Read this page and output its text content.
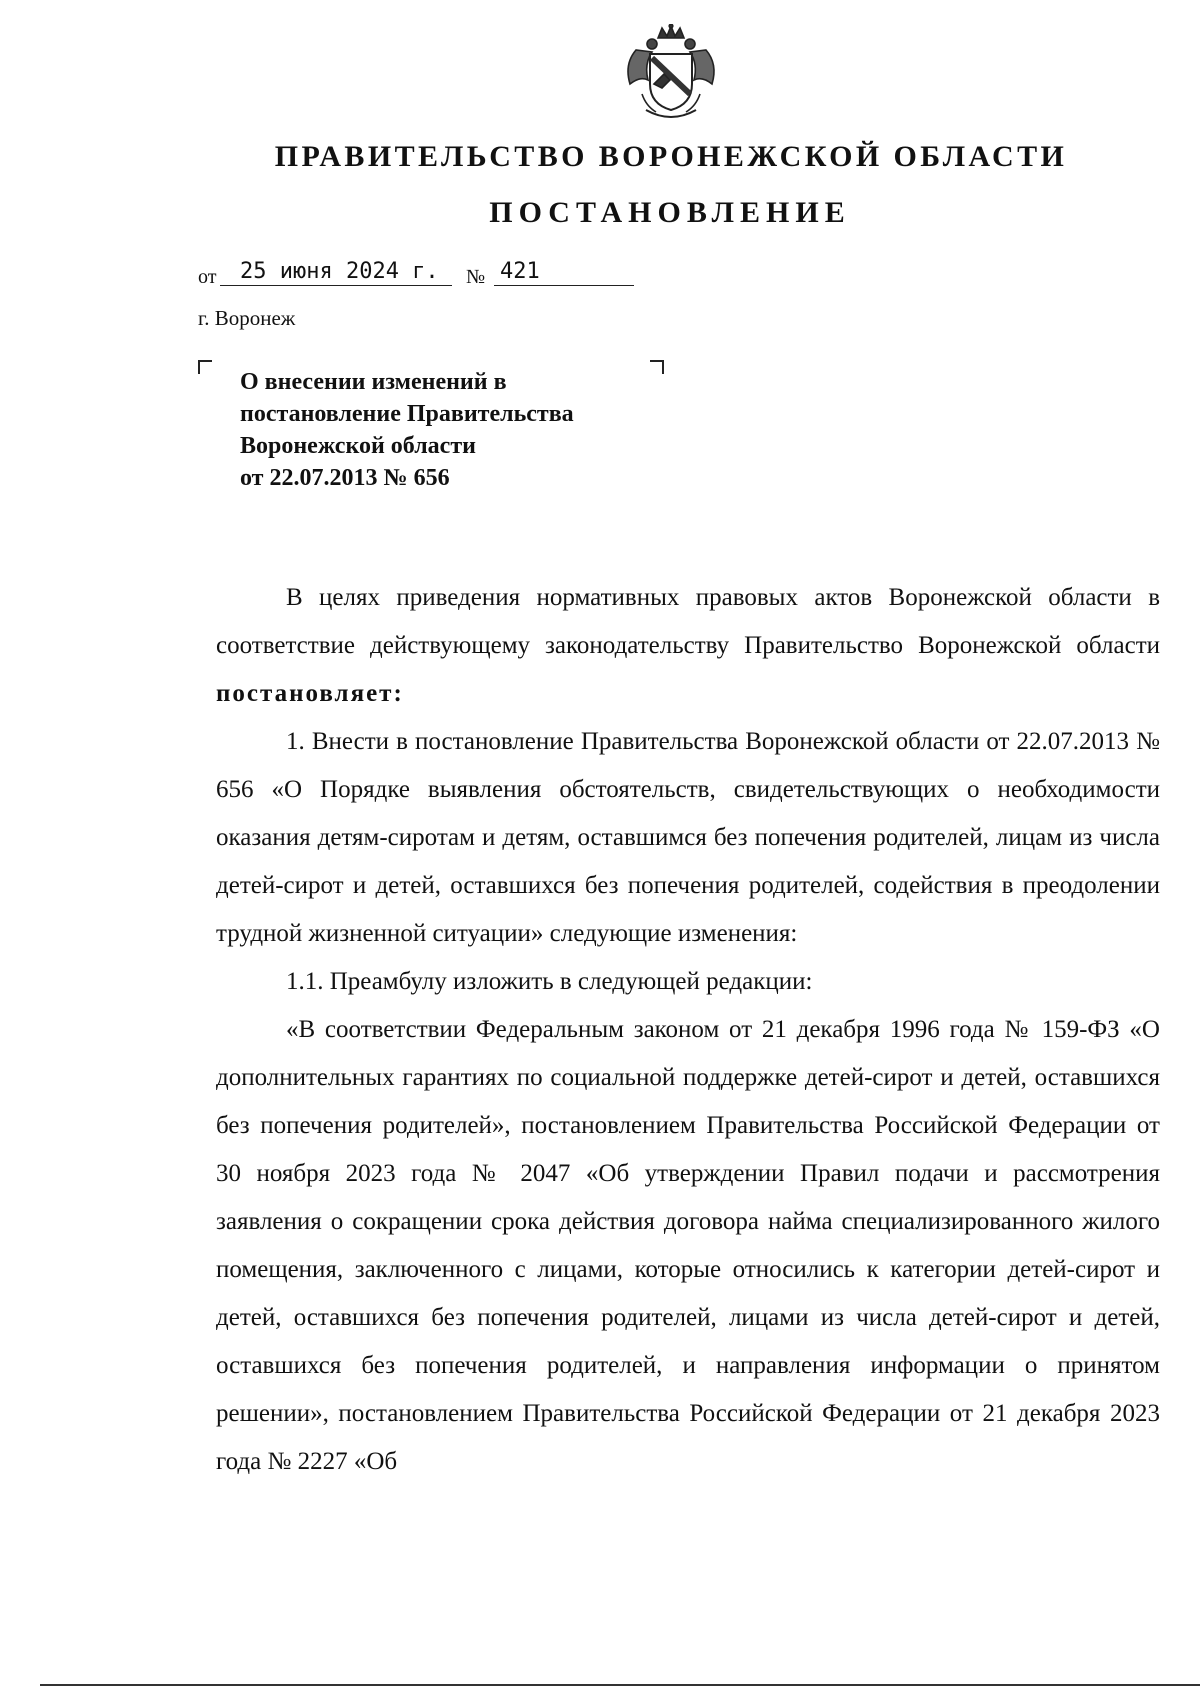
ПРАВИТЕЛЬСТВО ВОРОНЕЖСКОЙ ОБЛАСТИ
ПОСТАНОВЛЕНИЕ
от	25 июня 2024 г.	№ 421
г. Воронеж
О внесении изменений в
постановление Правительства
Воронежской области
от 22.07.2013 № 656

В целях приведения нормативных правовых актов Воронежской области в соответствие действующему законодательству Правительство Воронежской области постановляет:

1. Внести в постановление Правительства Воронежской области от 22.07.2013 № 656 «О Порядке выявления обстоятельств, свидетельствующих о необходимости оказания детям-сиротам и детям, оставшимся без попечения родителей, лицам из числа детей-сирот и детей, оставшихся без попечения родителей, содействия в преодолении трудной жизненной ситуации» следующие изменения:

1.1. Преамбулу изложить в следующей редакции:

«В соответствии Федеральным законом от 21 декабря 1996 года № 159-ФЗ «О дополнительных гарантиях по социальной поддержке детей-сирот и детей, оставшихся без попечения родителей», постановлением Правительства Российской Федерации от 30 ноября 2023 года № 2047 «Об утверждении Правил подачи и рассмотрения заявления о сокращении срока действия договора найма специализированного жилого помещения, заключенного с лицами, которые относились к категории детей-сирот и детей, оставшихся без попечения родителей, лицами из числа детей-сирот и детей, оставшихся без попечения родителей, и направления информации о принятом решении», постановлением Правительства Российской Федерации от 21 декабря 2023 года № 2227 «Об
